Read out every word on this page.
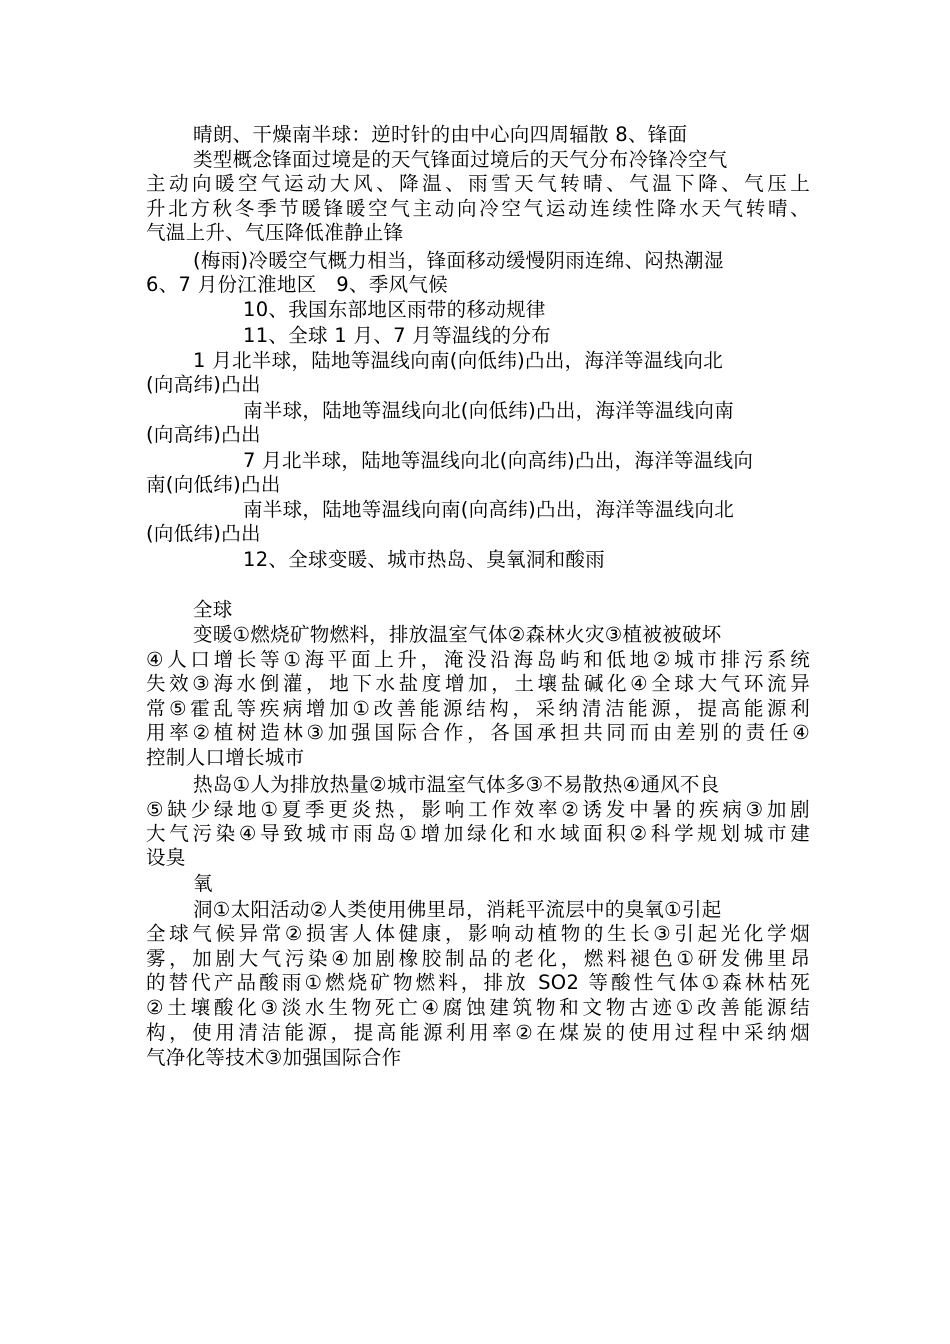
晴朗、干燥南半球：逆时针的由中心向四周辐散 8、锋面
类型概念锋面过境是的天气锋面过境后的天气分布冷锋冷空气
主动向暖空气运动大风、降温、雨雪天气转晴、气温下降、气压上
升北方秋冬季节暖锋暖空气主动向冷空气运动连续性降水天气转晴、
气温上升、气压降低准静止锋
(梅雨)冷暖空气概力相当，锋面移动缓慢阴雨连绵、闷热潮湿
6、7 月份江淮地区　9、季风气候
10、我国东部地区雨带的移动规律
11、全球 1 月、7 月等温线的分布
1 月北半球，陆地等温线向南(向低纬)凸出，海洋等温线向北
(向高纬)凸出
南半球，陆地等温线向北(向低纬)凸出，海洋等温线向南
(向高纬)凸出
7 月北半球，陆地等温线向北(向高纬)凸出，海洋等温线向
南(向低纬)凸出
南半球，陆地等温线向南(向高纬)凸出，海洋等温线向北
(向低纬)凸出
12、全球变暖、城市热岛、臭氧洞和酸雨
全球
变暖①燃烧矿物燃料，排放温室气体②森林火灾③植被被破坏
④人口增长等①海平面上升，淹没沿海岛屿和低地②城市排污系统
失效③海水倒灌，地下水盐度增加，土壤盐碱化④全球大气环流异
常⑤霍乱等疾病增加①改善能源结构，采纳清洁能源，提高能源利
用率②植树造林③加强国际合作，各国承担共同而由差别的责任④
控制人口增长城市
热岛①人为排放热量②城市温室气体多③不易散热④通风不良
⑤缺少绿地①夏季更炎热，影响工作效率②诱发中暑的疾病③加剧
大气污染④导致城市雨岛①增加绿化和水域面积②科学规划城市建
设臭
氧
洞①太阳活动②人类使用佛里昂，消耗平流层中的臭氧①引起
全球气候异常②损害人体健康，影响动植物的生长③引起光化学烟
雾，加剧大气污染④加剧橡胶制品的老化，燃料褪色①研发佛里昂
的替代产品酸雨①燃烧矿物燃料，排放 SO2 等酸性气体①森林枯死
②土壤酸化③淡水生物死亡④腐蚀建筑物和文物古迹①改善能源结
构，使用清洁能源，提高能源利用率②在煤炭的使用过程中采纳烟
气净化等技术③加强国际合作
